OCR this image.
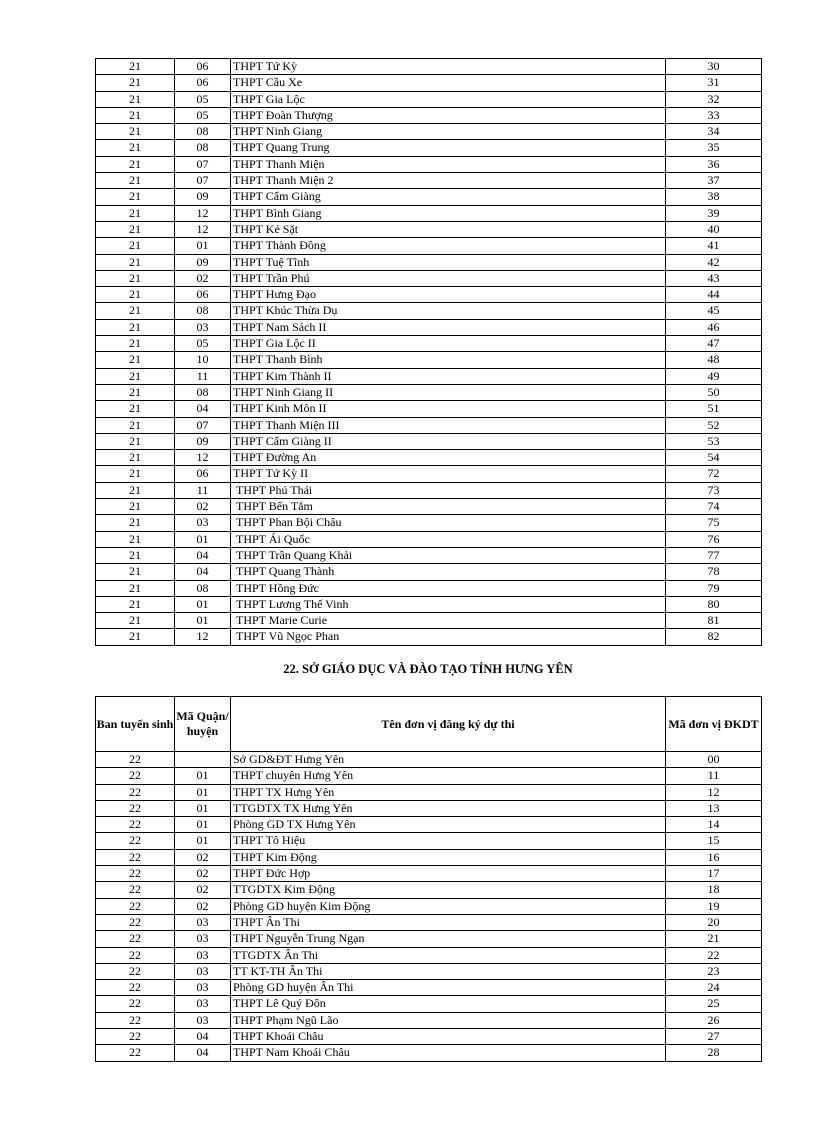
21	06	THPT Tứ Kỳ	30
21	06	THPT Cầu Xe	31
21	05	THPT Gia Lộc	32
21	05	THPT Đoàn Thượng	33
21	08	THPT Ninh Giang	34
21	08	THPT Quang Trung	35
21	07	THPT Thanh Miện	36
21	07	THPT Thanh Miện 2	37
21	09	THPT Cẩm Giàng	38
21	12	THPT Bình Giang	39
21	12	THPT Kẻ Sặt	40
21	01	THPT Thành Đông	41
21	09	THPT Tuệ Tĩnh	42
21	02	THPT Trần Phú	43
21	06	THPT Hưng Đạo	44
21	08	THPT Khúc Thừa Dụ	45
21	03	THPT Nam Sách II	46
21	05	THPT Gia Lộc II	47
21	10	THPT Thanh Bình	48
21	11	THPT Kim Thành II	49
21	08	THPT Ninh Giang II	50
21	04	THPT Kinh Môn II	51
21	07	THPT Thanh Miện III	52
21	09	THPT Cẩm Giàng II	53
21	12	THPT Đường An	54
21	06	THPT Tứ Kỳ II	72
21	11	THPT Phú Thái	73
21	02	THPT Bến Tắm	74
21	03	THPT Phan Bội Châu	75
21	01	THPT Ái Quốc	76
21	04	THPT Trần Quang Khải	77
21	04	THPT Quang Thành	78
21	08	THPT Hồng Đức	79
21	01	THPT Lương Thế Vinh	80
21	01	THPT Marie Curie	81
21	12	THPT Vũ Ngọc Phan	82
22. SỞ GIÁO DỤC VÀ ĐÀO TẠO TỈNH HƯNG YÊN
Ban tuyển sinh	Mã Quận/ huyện	Tên đơn vị đăng ký dự thi	Mã đơn vị ĐKDT
22		Sở GD&ĐT Hưng Yên	00
22	01	THPT chuyên Hưng Yên	11
22	01	THPT TX Hưng Yên	12
22	01	TTGDTX TX Hưng Yên	13
22	01	Phòng GD TX Hưng Yên	14
22	01	THPT Tô Hiệu	15
22	02	THPT Kim Động	16
22	02	THPT Đức Hợp	17
22	02	TTGDTX Kim Động	18
22	02	Phòng GD huyện Kim Động	19
22	03	THPT Ân Thi	20
22	03	THPT Nguyễn Trung Ngạn	21
22	03	TTGDTX Ân Thi	22
22	03	TT KT-TH Ân Thi	23
22	03	Phòng GD huyện Ân Thi	24
22	03	THPT Lê Quý Đôn	25
22	03	THPT Phạm Ngũ Lão	26
22	04	THPT Khoái Châu	27
22	04	THPT Nam Khoái Châu	28
